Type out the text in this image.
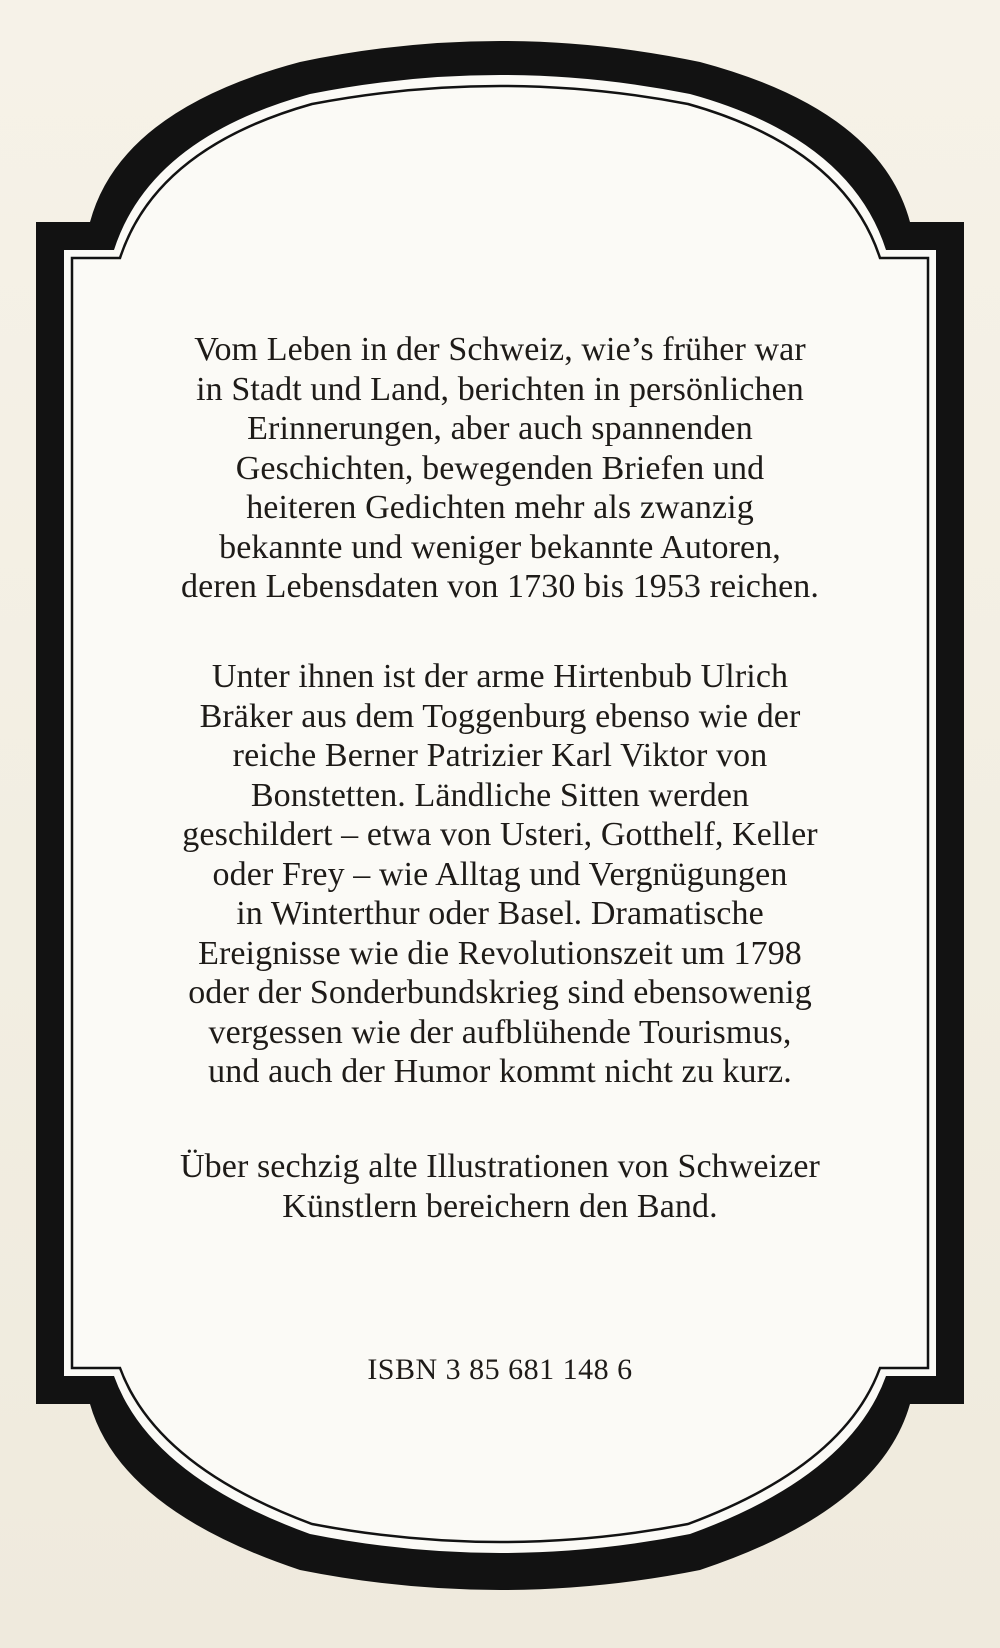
Vom Leben in der Schweiz, wie’s früher war

in Stadt und Land, berichten in persönlichen

Erinnerungen, aber auch spannenden

Geschichten, bewegenden Briefen und

heiteren Gedichten mehr als zwanzig

bekannte und weniger bekannte Autoren,

deren Lebensdaten von 1730 bis 1953 reichen.

Unter ihnen ist der arme Hirtenbub Ulrich

Bräker aus dem Toggenburg ebenso wie der

reiche Berner Patrizier Karl Viktor von

Bonstetten. Ländliche Sitten werden

geschildert – etwa von Usteri, Gotthelf, Keller

oder Frey – wie Alltag und Vergnügungen

in Winterthur oder Basel. Dramatische

Ereignisse wie die Revolutionszeit um 1798

oder der Sonderbundskrieg sind ebensowenig

vergessen wie der aufblühende Tourismus,

und auch der Humor kommt nicht zu kurz.

Über sechzig alte Illustrationen von Schweizer

Künstlern bereichern den Band.

ISBN 3 85 681 148 6
